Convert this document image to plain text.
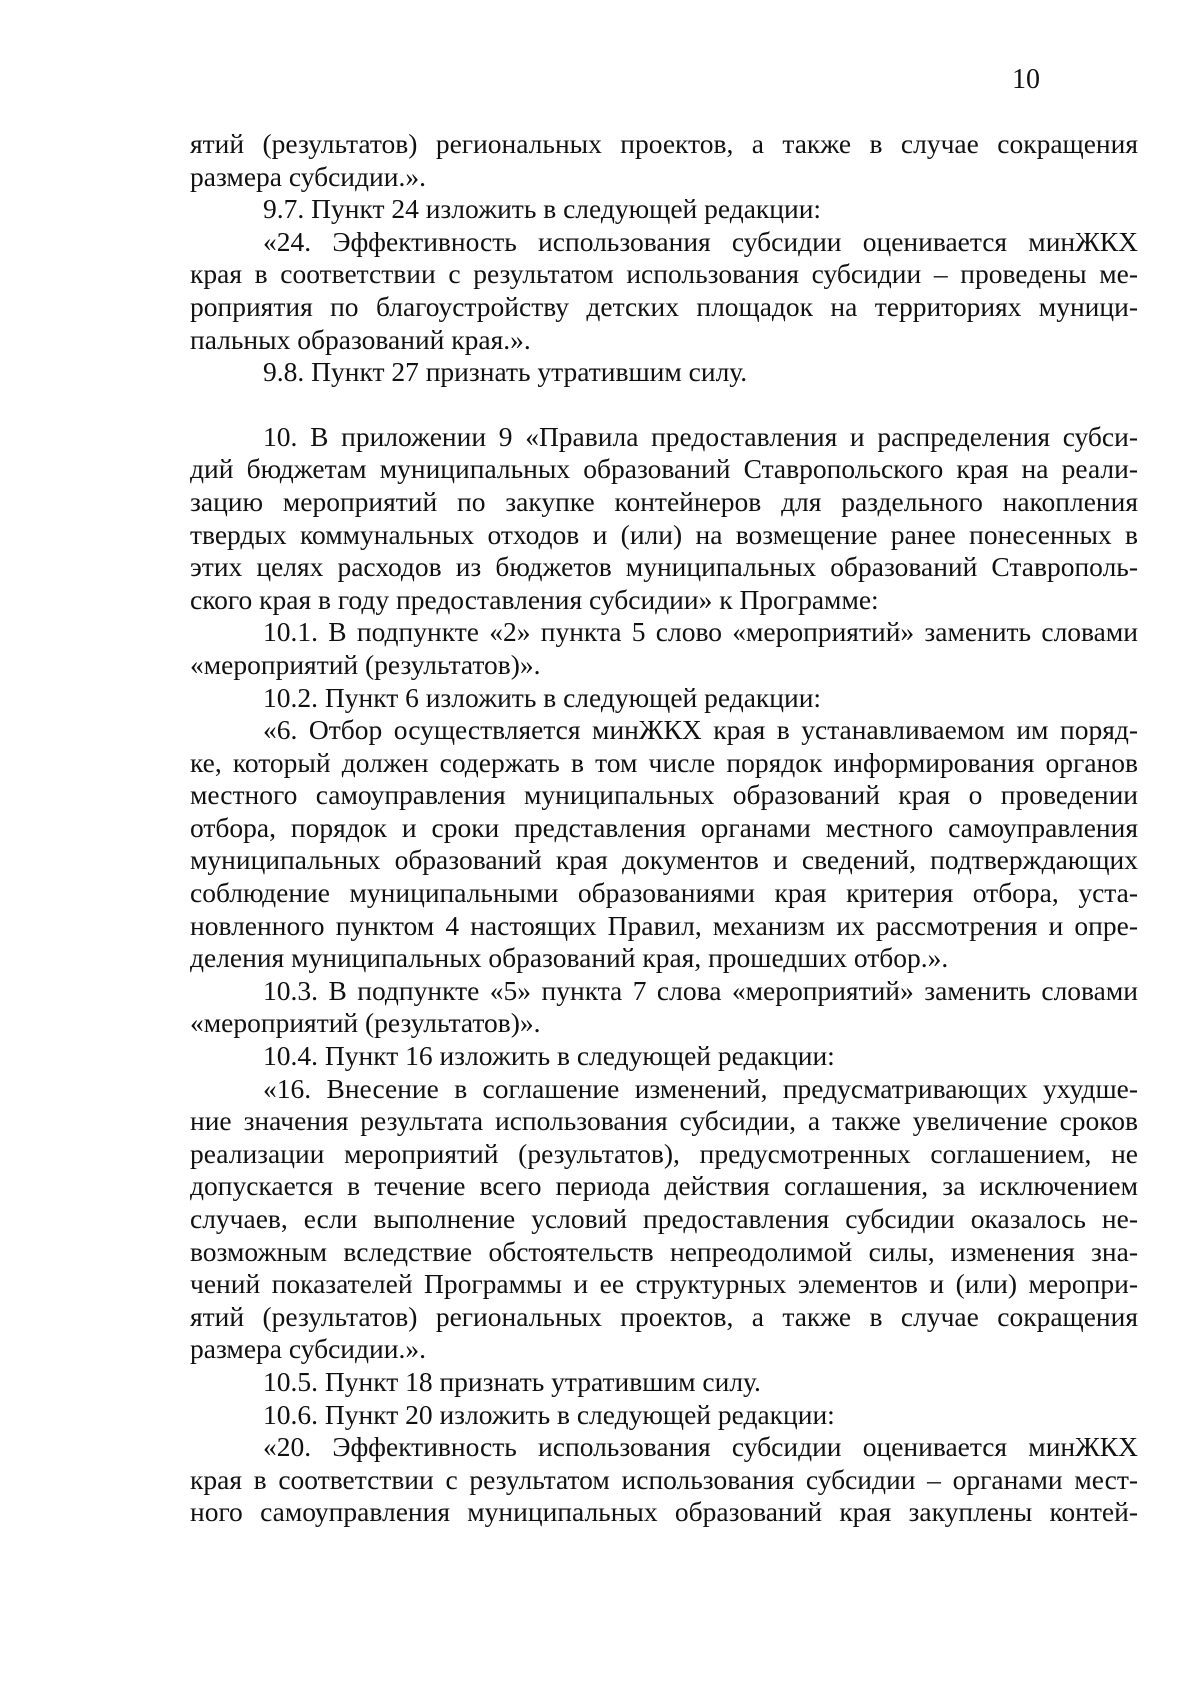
10
ятий (результатов) региональных проектов, а также в случае сокращения
размера субсидии.».
9.7. Пункт 24 изложить в следующей редакции:
«24. Эффективность использования субсидии оценивается минЖКХ
края в соответствии с результатом использования субсидии – проведены ме-
роприятия по благоустройству детских площадок на территориях муници-
пальных образований края.».
9.8. Пункт 27 признать утратившим силу.
10. В приложении 9 «Правила предоставления и распределения субси-
дий бюджетам муниципальных образований Ставропольского края на реали-
зацию мероприятий по закупке контейнеров для раздельного накопления
твердых коммунальных отходов и (или) на возмещение ранее понесенных в
этих целях расходов из бюджетов муниципальных образований Ставрополь-
ского края в году предоставления субсидии» к Программе:
10.1. В подпункте «2» пункта 5 слово «мероприятий» заменить словами
«мероприятий (результатов)».
10.2. Пункт 6 изложить в следующей редакции:
«6. Отбор осуществляется минЖКХ края в устанавливаемом им поряд-
ке, который должен содержать в том числе порядок информирования органов
местного самоуправления муниципальных образований края о проведении
отбора, порядок и сроки представления органами местного самоуправления
муниципальных образований края документов и сведений, подтверждающих
соблюдение муниципальными образованиями края критерия отбора, уста-
новленного пунктом 4 настоящих Правил, механизм их рассмотрения и опре-
деления муниципальных образований края, прошедших отбор.».
10.3. В подпункте «5» пункта 7 слова «мероприятий» заменить словами
«мероприятий (результатов)».
10.4. Пункт 16 изложить в следующей редакции:
«16. Внесение в соглашение изменений, предусматривающих ухудше-
ние значения результата использования субсидии, а также увеличение сроков
реализации мероприятий (результатов), предусмотренных соглашением, не
допускается в течение всего периода действия соглашения, за исключением
случаев, если выполнение условий предоставления субсидии оказалось не-
возможным вследствие обстоятельств непреодолимой силы, изменения зна-
чений показателей Программы и ее структурных элементов и (или) меропри-
ятий (результатов) региональных проектов, а также в случае сокращения
размера субсидии.».
10.5. Пункт 18 признать утратившим силу.
10.6. Пункт 20 изложить в следующей редакции:
«20. Эффективность использования субсидии оценивается минЖКХ
края в соответствии с результатом использования субсидии – органами мест-
ного самоуправления муниципальных образований края закуплены контей-
